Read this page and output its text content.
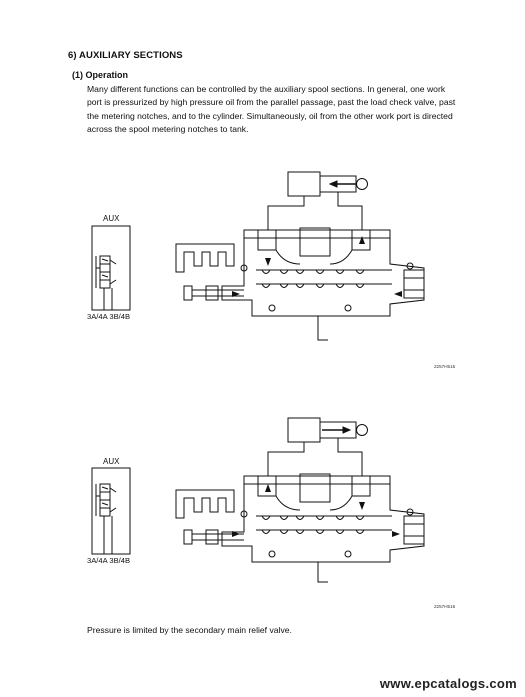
6) AUXILIARY SECTIONS
(1) Operation
Many different functions can be controlled by the auxiliary spool sections. In general, one work
port is pressurized by high pressure oil from the parallel passage, past the load check valve, past
the metering notches, and to the cylinder. Simultaneously, oil from the other work port is directed
across the spool metering notches to tank.
AUX
3A/4A 3B/4B
2257H515
AUX
3A/4A 3B/4B
2257H516
Pressure is limited by the secondary main relief valve.
www.epcatalogs.com
